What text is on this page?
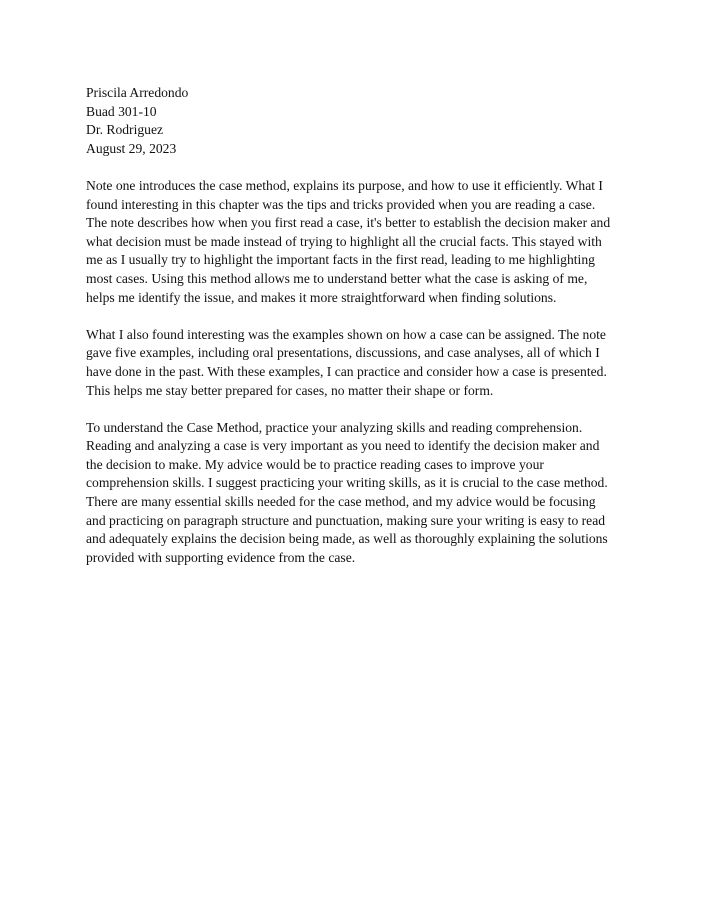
Priscila Arredondo
Buad 301-10
Dr. Rodriguez
August 29, 2023
Note one introduces the case method, explains its purpose, and how to use it efficiently. What I
found interesting in this chapter was the tips and tricks provided when you are reading a case.
The note describes how when you first read a case, it's better to establish the decision maker and
what decision must be made instead of trying to highlight all the crucial facts. This stayed with
me as I usually try to highlight the important facts in the first read, leading to me highlighting
most cases. Using this method allows me to understand better what the case is asking of me,
helps me identify the issue, and makes it more straightforward when finding solutions.
What I also found interesting was the examples shown on how a case can be assigned. The note
gave five examples, including oral presentations, discussions, and case analyses, all of which I
have done in the past. With these examples, I can practice and consider how a case is presented.
This helps me stay better prepared for cases, no matter their shape or form.
To understand the Case Method, practice your analyzing skills and reading comprehension.
Reading and analyzing a case is very important as you need to identify the decision maker and
the decision to make. My advice would be to practice reading cases to improve your
comprehension skills. I suggest practicing your writing skills, as it is crucial to the case method.
There are many essential skills needed for the case method, and my advice would be focusing
and practicing on paragraph structure and punctuation, making sure your writing is easy to read
and adequately explains the decision being made, as well as thoroughly explaining the solutions
provided with supporting evidence from the case.
